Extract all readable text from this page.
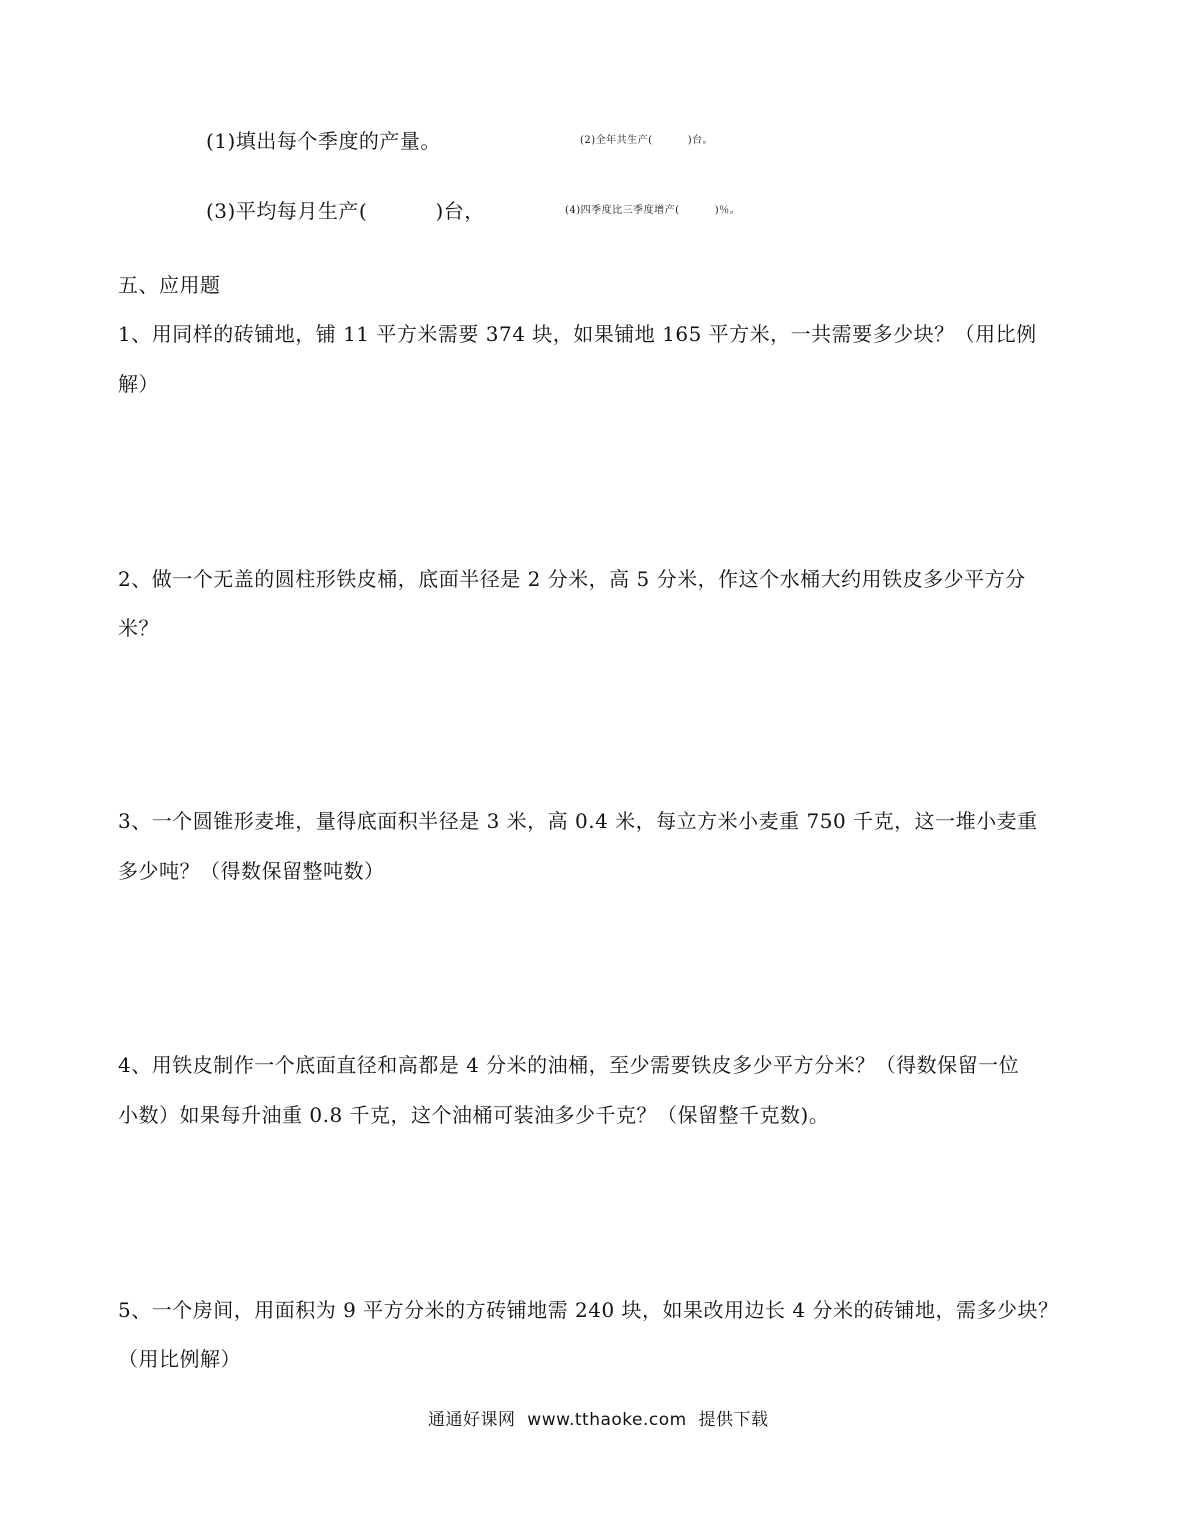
(1)填出每个季度的产量。	(2)全年共生产(　　　 )台。
(3)平均每月生产(　　　 )台，	(4)四季度比三季度增产(　　　 )％。
五、应用题
1、用同样的砖铺地，铺 11 平方米需要 374 块，如果铺地 165 平方米，一共需要多少块？（用比例
解）
2、做一个无盖的圆柱形铁皮桶，底面半径是 2 分米，高 5 分米，作这个水桶大约用铁皮多少平方分
米？
3、一个圆锥形麦堆，量得底面积半径是 3 米，高 0.4 米，每立方米小麦重 750 千克，这一堆小麦重
多少吨？（得数保留整吨数）
4、用铁皮制作一个底面直径和高都是 4 分米的油桶，至少需要铁皮多少平方分米？（得数保留一位
小数）如果每升油重 0.8 千克，这个油桶可装油多少千克？（保留整千克数)。
5、一个房间，用面积为 9 平方分米的方砖铺地需 240 块，如果改用边长 4 分米的砖铺地，需多少块？
（用比例解）
通通好课网  www.tthaoke.com  提供下载
